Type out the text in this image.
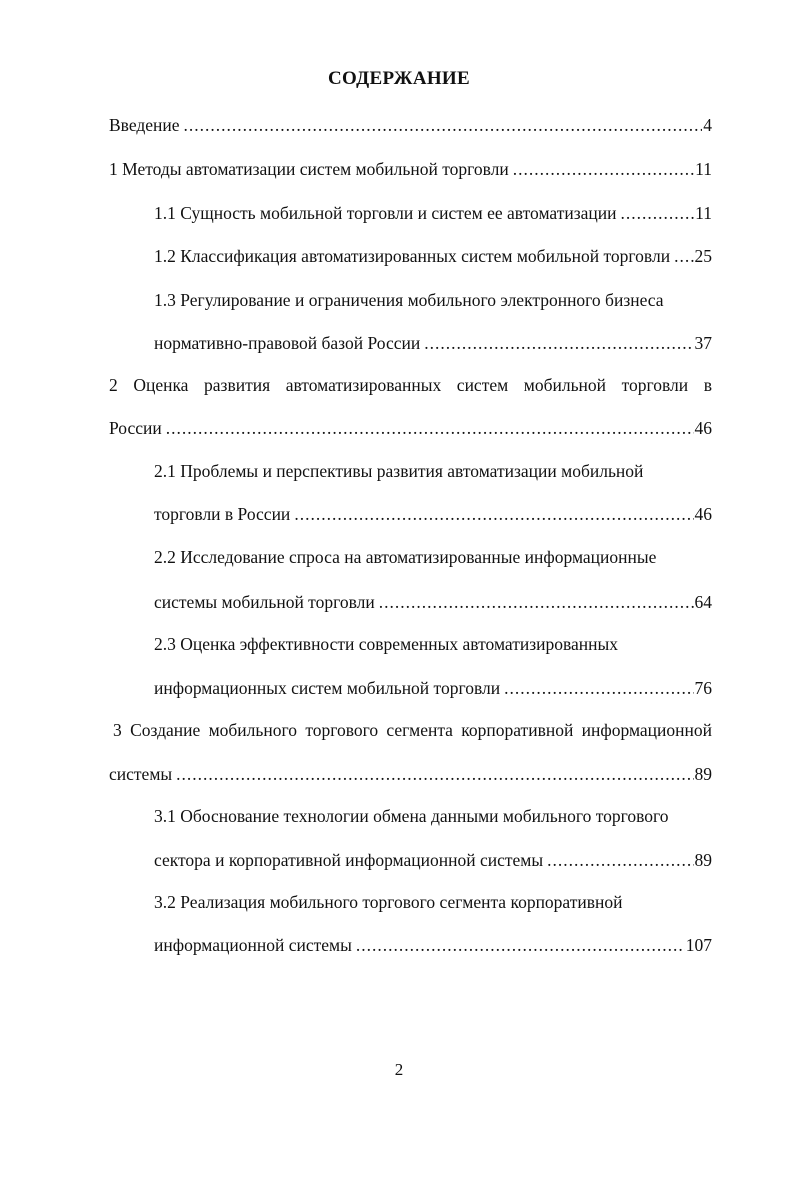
СОДЕРЖАНИЕ
Введение .....	4
1 Методы автоматизации систем мобильной торговли .....	11
1.1 Сущность мобильной торговли и систем ее автоматизации .....	11
1.2 Классификация автоматизированных систем мобильной торговли ..... 25
1.3 Регулирование и ограничения мобильного электронного бизнеса
нормативно-правовой базой России .....	37
2 Оценка развития автоматизированных систем мобильной торговли в
России .....	46
2.1 Проблемы и перспективы развития автоматизации мобильной
торговли в России .....	46
2.2 Исследование спроса на автоматизированные информационные
системы мобильной торговли .....	64
2.3 Оценка эффективности современных автоматизированных
информационных систем мобильной торговли .....	76
3 Создание мобильного торгового сегмента корпоративной информационной
системы .....	89
3.1 Обоснование технологии обмена данными мобильного торгового
сектора и корпоративной информационной системы .....	89
3.2 Реализация мобильного торгового сегмента корпоративной
информационной системы .....	107
2
